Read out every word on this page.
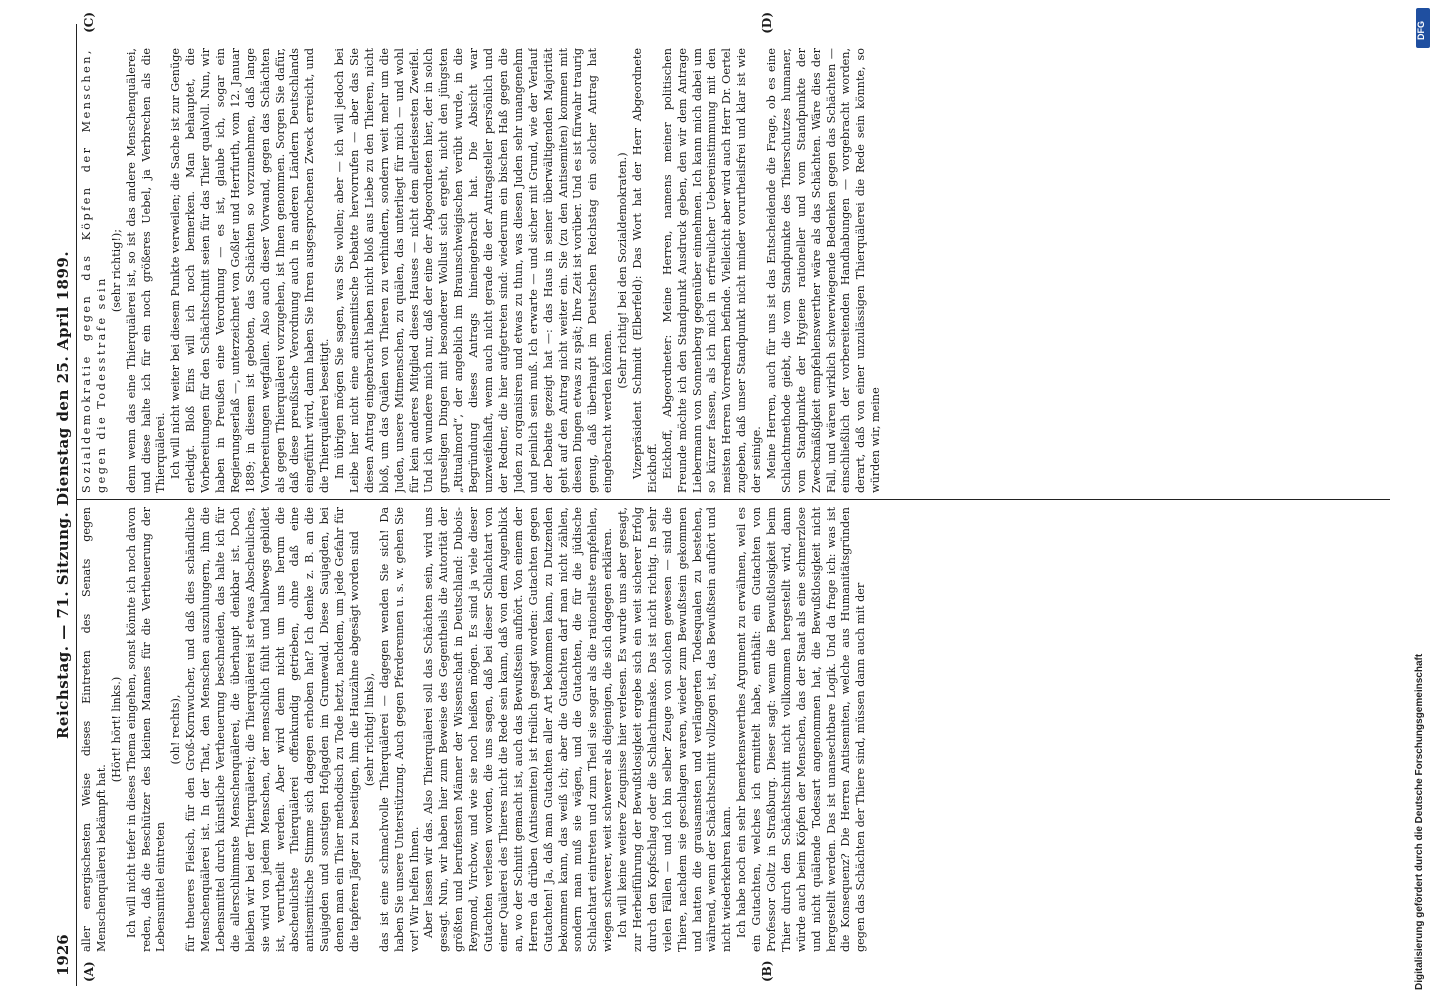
1926
Reichstag. — 71. Sitzung. Dienstag den 25. April 1899.
(A)	(B)
(C)	(D)

aller energischesten Weise dieses Eintreten des Senats gegen Menschenquälerei bekämpft hat.

(Hört! hört! links.) Ich will nicht tiefer in dieses Thema eingehen, sonst könnte ich noch davon reden, daß die Beschützer des kleinen Mannes für die Vertheuerung der Lebensmittel eintreten

(oh! rechts), für theueres Fleisch, für den Groß-Kornwucher, und daß dies schändliche Menschenquälerei ist. In der That, den Menschen auszuhungern, ihm die Lebensmittel durch künstliche Vertheuerung beschneiden, das halte ich für die allerschlimmste Menschenquälerei, die überhaupt denkbar ist. Doch bleiben wir bei der Thierquälerei; die Thierquälerei ist etwas Abscheuliches, sie wird von jedem Menschen, der menschlich fühlt und halbwegs gebildet ist, verurtheilt werden. Aber wird denn nicht um uns herum die abscheulichste Thierquälerei offenkundig getrieben, ohne daß eine antisemitische Stimme sich dagegen erhoben hat? Ich denke z. B. an die Saujagden und sonstigen Hofjagden im Grunewald. Diese Saujagden, bei denen man ein Thier methodisch zu Tode hetzt, nachdem, um jede Gefahr für die tapferen Jäger zu beseitigen, ihm die Hauzähne abgesägt worden sind (sehr richtig! links), das ist eine schmachvolle Thierquälerei — dagegen wenden Sie sich! Da haben Sie unsere Unterstützung. Auch gegen Pferderennen u. s. w. gehen Sie vor! Wir helfen Ihnen. Aber lassen wir das. Also Thierquälerei soll das Schächten sein, wird uns gesagt. Nun, wir haben hier zum Beweise des Gegentheils die Autorität der größten und berufensten Männer der Wissenschaft in Deutschland: Dubois-Reymond, Virchow, und wie sie noch heißen mögen. Es sind ja viele dieser Gutachten verlesen worden, die uns sagen, daß bei dieser Schlachtart von einer Quälerei des Thieres nicht die Rede sein kann, daß von dem Augenblick an, wo der Schnitt gemacht ist, auch das Bewußtsein aufhört. Von einem der Herren da drüben (Antisemiten) ist freilich gesagt worden: Gutachten gegen Gutachten! Ja, daß man Gutachten aller Art bekommen kann, zu Dutzenden bekommen kann, das weiß ich; aber die Gutachten darf man nicht zählen, sondern man muß sie wägen, und die Gutachten, die für die jüdische Schlachtart eintreten und zum Theil sie sogar als die rationellste empfehlen, wiegen schwerer, weit schwerer als diejenigen, die sich dagegen erklären. Ich will keine weitere Zeugnisse hier verlesen. Es wurde uns aber gesagt, zur Herbeiführung der Bewußtlosigkeit ergebe sich ein weit sicherer Erfolg durch den Kopfschlag oder die Schlachtmaske. Das ist nicht richtig. In sehr vielen Fällen — und ich bin selber Zeuge von solchen gewesen — sind die Thiere, nachdem sie geschlagen waren, wieder zum Bewußtsein gekommen und hatten die grausamsten und verlängerten Todesqualen zu bestehen, während, wenn der Schächtschnitt vollzogen ist, das Bewußtsein aufhört und nicht wiederkehren kann. Ich habe noch ein sehr bemerkenswerthes Argument zu erwähnen, weil es ein Gutachten, welches ich ermittelt habe, enthält: ein Gutachten von Professor Goltz in Straßburg. Dieser sagt: wenn die Bewußtlosigkeit beim Thier durch den Schächtschnitt nicht vollkommen hergestellt wird, dann würde auch beim Köpfen der Menschen, das der Staat als eine schmerzlose und nicht quälende Todesart angenommen hat, die Bewußtlosigkeit nicht hergestellt werden. Das ist unansechtbare Logik. Und da frage ich: was ist die Konsequenz? Die Herren Antisemiten, welche aus Humanitätsgründen gegen das Schächten der Thiere sind, müssen dann auch mit der

Sozialdemokratie gegen das Köpfen der Menschen, gegen die Todesstrafe sein

(sehr richtig!); denn wenn das eine Thierquälerei ist, so ist das andere Menschenquälerei, und diese halte ich für ein noch größeres Uebel, ja Verbrechen als die Thierquälerei. Ich will nicht weiter bei diesem Punkte verweilen; die Sache ist zur Genüge erledigt. Bloß Eins will ich noch bemerken. Man behauptet, die Vorbereitungen für den Schächtschnitt seien für das Thier qualvoll. Nun, wir haben in Preußen eine Verordnung — es ist, glaube ich, sogar ein Regierungserlaß —, unterzeichnet von Goßler und Herrfurth, vom 12. Januar 1889; in diesem ist geboten, das Schächten so vorzunehmen, daß lange Vorbereitungen wegfallen. Also auch dieser Vorwand, gegen das Schächten als gegen Thierquälerei vorzugehen, ist Ihnen genommen. Sorgen Sie dafür, daß diese preußische Verordnung auch in anderen Ländern Deutschlands eingeführt wird, dann haben Sie Ihren ausgesprochenen Zweck erreicht, und die Thierquälerei beseitigt. Im übrigen mögen Sie sagen, was Sie wollen; aber — ich will jedoch bei Leibe hier nicht eine antisemitische Debatte hervorrufen — aber das Sie diesen Antrag eingebracht haben nicht bloß aus Liebe zu den Thieren, nicht bloß, um das Quälen von Thieren zu verhindern, sondern weit mehr um die Juden, unsere Mitmenschen, zu quälen, das unterliegt für mich — und wohl für kein anderes Mitglied dieses Hauses — nicht dem allerleisesten Zweifel. Und ich wundere mich nur, daß der eine der Abgeordneten hier, der in solch gruseligen Dingen mit besonderer Wollust sich ergeht, nicht den jüngsten „Ritualmord“, der angeblich im Braunschweigischen verübt wurde, in die Begründung dieses Antrags hineingebracht hat. Die Absicht war unzweifelhaft, wenn auch nicht gerade die der Antragsteller persönlich und der Redner, die hier aufgetreten sind: wiederum ein bischen Haß gegen die Juden zu organisiren und etwas zu thun, was diesen Juden sehr unangenehm und peinlich sein muß. Ich erwarte — und sicher mit Grund, wie der Verlauf der Debatte gezeigt hat —: das Haus in seiner überwältigenden Majorität geht auf den Antrag nicht weiter ein. Sie (zu den Antisemiten) kommen mit diesen Dingen etwas zu spät; Ihre Zeit ist vorüber. Und es ist fürwahr traurig genug, daß überhaupt im Deutschen Reichstag ein solcher Antrag hat eingebracht werden können.

(Sehr richtig! bei den Sozialdemokraten.) Vizepräsident Schmidt (Elberfeld): Das Wort hat der Herr Abgeordnete Eickhoff. Eickhoff, Abgeordneter: Meine Herren, namens meiner politischen Freunde möchte ich den Standpunkt Ausdruck geben, den wir dem Antrage Liebermann von Sonnenberg gegenüber einnehmen. Ich kann mich dabei um so kürzer fassen, als ich mich in erfreulicher Uebereinstimmung mit den meisten Herren Vorrednern befinde. Vielleicht aber wird auch Herr Dr. Oertel zugeben, daß unser Standpunkt nicht minder vorurtheilsfrei und klar ist wie der seinige. Meine Herren, auch für uns ist das Entscheidende die Frage, ob es eine Schlachtmethode giebt, die vom Standpunkte des Thierschutzes humaner, vom Standpunkte der Hygiene rationeller und vom Standpunkte der Zweckmäßigkeit empfehlenswerther wäre als das Schächten. Wäre dies der Fall, und wären wirklich schwerwiegende Bedenken gegen das Schächten — einschließlich der vorbereitenden Handhabungen — vorgebracht worden, derart, daß von einer unzulässigen Thierquälerei die Rede sein könnte, so würden wir, meine

Digitalisierung gefördert durch die Deutsche Forschungsgemeinschaft
DFG
